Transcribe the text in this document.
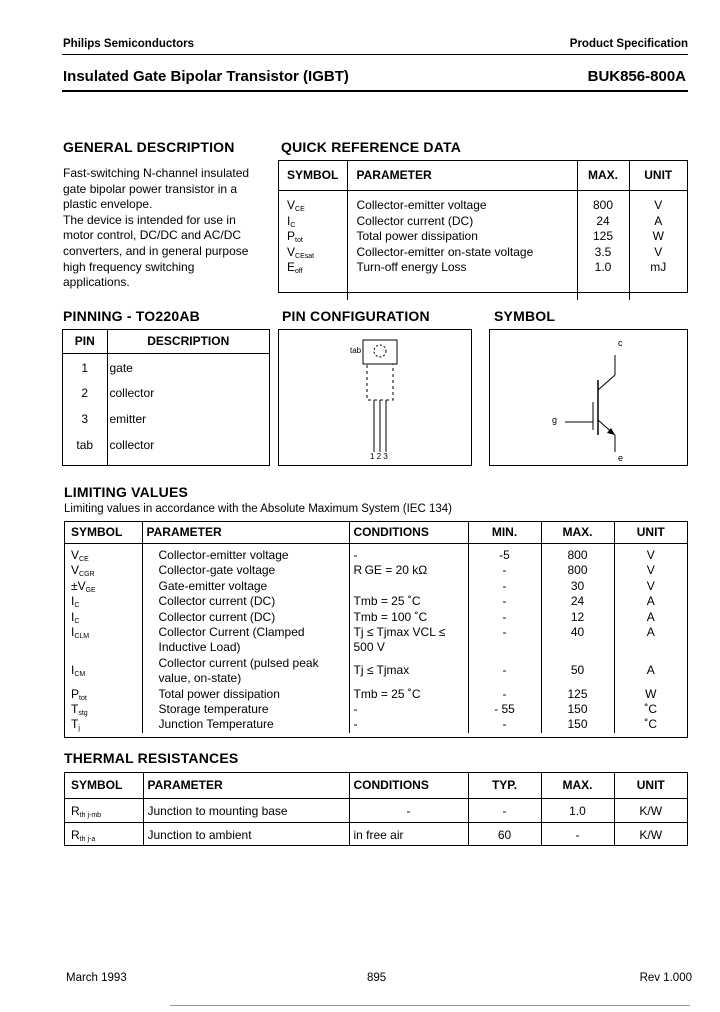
Philips Semiconductors	Product Specification
Insulated Gate Bipolar Transistor (IGBT)	BUK856-800A
GENERAL DESCRIPTION
Fast-switching N-channel insulated
gate bipolar power transistor in a
plastic envelope.
The device is intended for use in
motor control, DC/DC and AC/DC
converters, and in general purpose
high frequency switching
applications.
QUICK REFERENCE DATA
SYMBOL	PARAMETER	MAX.	UNIT

$V_{CE}$	Collector-emitter voltage	800	V
$I_C$	Collector current (DC)	24	A
$P_{tot}$	Total power dissipation	125	W
$V_{CEsat}$	Collector-emitter on-state voltage	3.5	V
$E_{off}$	Turn-off energy Loss	1.0	mJ

PINNING - TO220AB
PIN	DESCRIPTION
1	gate
2	collector
3	emitter
tab	collector
PIN CONFIGURATION
tab
1 2 3
SYMBOL
c
g
e
LIMITING VALUES
Limiting values in accordance with the Absolute Maximum System (IEC 134)
SYMBOL	PARAMETER	CONDITIONS	MIN.	MAX.	UNIT

$V_{CE}$	Collector-emitter voltage	-	-5	800	V
$V_{CGR}$	Collector-gate voltage	R GE = 20 kΩ	-	800	V
$\pm V_{GE}$	Gate-emitter voltage		-	30	V
$I_C$	Collector current (DC)	Tmb = 25 ˚C	-	24	A
$I_C$	Collector current (DC)	Tmb = 100 ˚C	-	12	A
$I_{CLM}$	Collector Current (Clamped Inductive Load)	Tj ≤ Tjmax VCL ≤ 500 V	-	40	A
$I_{CM}$	Collector current (pulsed peak value, on-state)	Tj ≤ Tjmax	-	50	A
$P_{tot}$	Total power dissipation	Tmb = 25 ˚C	-	125	W
$T_{stg}$	Storage temperature	-	- 55	150	˚C
$T_j$	Junction Temperature	-	-	150	˚C
THERMAL RESISTANCES
SYMBOL	PARAMETER	CONDITIONS	TYP.	MAX.	UNIT
$R_{th j-mb}$	Junction to mounting base	-	-	1.0	K/W
$R_{th j-a}$	Junction to ambient	in free air	60	-	K/W
March 1993	895	Rev 1.000
